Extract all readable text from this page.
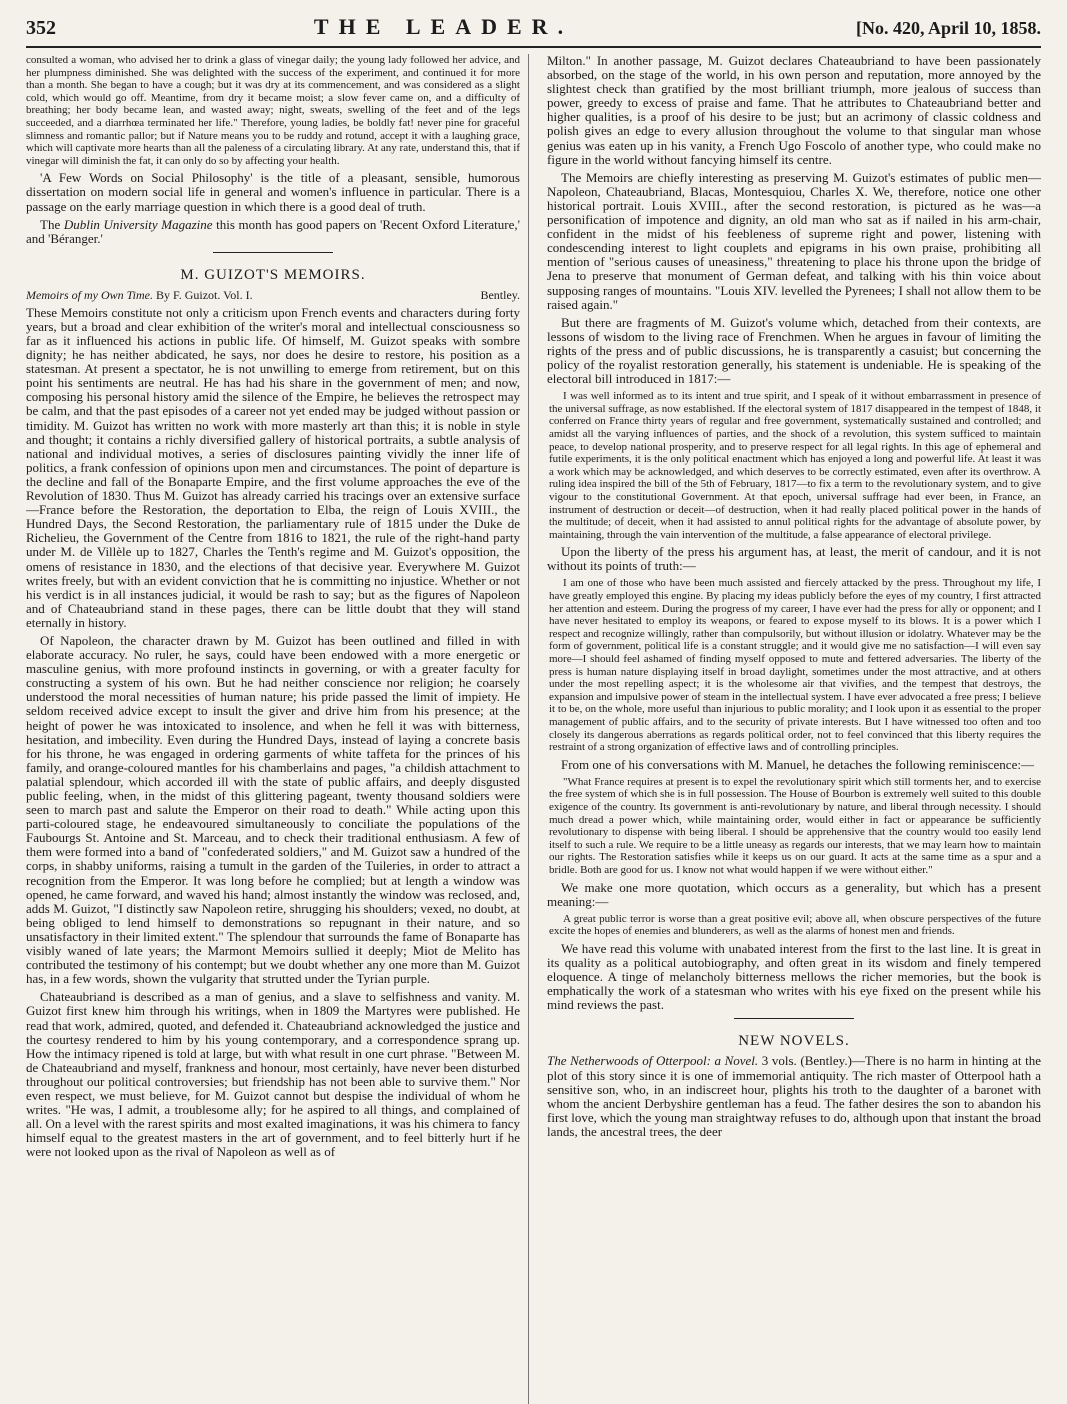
352	THE LEADER.	[No. 420, April 10, 1858.

consulted a woman, who advised her to drink a glass of vinegar daily; the young lady followed her advice, and her plumpness diminished. She was delighted with the success of the experiment, and continued it for more than a month. She began to have a cough; but it was dry at its commencement, and was considered as a slight cold, which would go off. Meantime, from dry it became moist; a slow fever came on, and a difficulty of breathing; her body became lean, and wasted away; night, sweats, swelling of the feet and of the legs succeeded, and a diarrhœa terminated her life." Therefore, young ladies, be boldly fat! never pine for graceful slimness and romantic pallor; but if Nature means you to be ruddy and rotund, accept it with a laughing grace, which will captivate more hearts than all the paleness of a circulating library. At any rate, understand this, that if vinegar will diminish the fat, it can only do so by affecting your health.

'A Few Words on Social Philosophy' is the title of a pleasant, sensible, humorous dissertation on modern social life in general and women's influence in particular. There is a passage on the early marriage question in which there is a good deal of truth.

The Dublin University Magazine this month has good papers on 'Recent Oxford Literature,' and 'Béranger.'

M. GUIZOT'S MEMOIRS.
Memoirs of my Own Time. By F. Guizot. Vol. I.	Bentley.

These Memoirs constitute not only a criticism upon French events and characters during forty years, but a broad and clear exhibition of the writer's moral and intellectual consciousness so far as it influenced his actions in public life. Of himself, M. Guizot speaks with sombre dignity; he has neither abdicated, he says, nor does he desire to restore, his position as a statesman. At present a spectator, he is not unwilling to emerge from retirement, but on this point his sentiments are neutral. He has had his share in the government of men; and now, composing his personal history amid the silence of the Empire, he believes the retrospect may be calm, and that the past episodes of a career not yet ended may be judged without passion or timidity. M. Guizot has written no work with more masterly art than this; it is noble in style and thought; it contains a richly diversified gallery of historical portraits, a subtle analysis of national and individual motives, a series of disclosures painting vividly the inner life of politics, a frank confession of opinions upon men and circumstances. The point of departure is the decline and fall of the Bonaparte Empire, and the first volume approaches the eve of the Revolution of 1830. Thus M. Guizot has already carried his tracings over an extensive surface—France before the Restoration, the deportation to Elba, the reign of Louis XVIII., the Hundred Days, the Second Restoration, the parliamentary rule of 1815 under the Duke de Richelieu, the Government of the Centre from 1816 to 1821, the rule of the right-hand party under M. de Villèle up to 1827, Charles the Tenth's regime and M. Guizot's opposition, the omens of resistance in 1830, and the elections of that decisive year. Everywhere M. Guizot writes freely, but with an evident conviction that he is committing no injustice. Whether or not his verdict is in all instances judicial, it would be rash to say; but as the figures of Napoleon and of Chateaubriand stand in these pages, there can be little doubt that they will stand eternally in history.

Of Napoleon, the character drawn by M. Guizot has been outlined and filled in with elaborate accuracy. No ruler, he says, could have been endowed with a more energetic or masculine genius, with more profound instincts in governing, or with a greater faculty for constructing a system of his own. But he had neither conscience nor religion; he coarsely understood the moral necessities of human nature; his pride passed the limit of impiety. He seldom received advice except to insult the giver and drive him from his presence; at the height of power he was intoxicated to insolence, and when he fell it was with bitterness, hesitation, and imbecility. Even during the Hundred Days, instead of laying a concrete basis for his throne, he was engaged in ordering garments of white taffeta for the princes of his family, and orange-coloured mantles for his chamberlains and pages, "a childish attachment to palatial splendour, which accorded ill with the state of public affairs, and deeply disgusted public feeling, when, in the midst of this glittering pageant, twenty thousand soldiers were seen to march past and salute the Emperor on their road to death." While acting upon this parti-coloured stage, he endeavoured simultaneously to conciliate the populations of the Faubourgs St. Antoine and St. Marceau, and to check their traditional enthusiasm. A few of them were formed into a band of "confederated soldiers," and M. Guizot saw a hundred of the corps, in shabby uniforms, raising a tumult in the garden of the Tuileries, in order to attract a recognition from the Emperor. It was long before he complied; but at length a window was opened, he came forward, and waved his hand; almost instantly the window was reclosed, and, adds M. Guizot, "I distinctly saw Napoleon retire, shrugging his shoulders; vexed, no doubt, at being obliged to lend himself to demonstrations so repugnant in their nature, and so unsatisfactory in their limited extent." The splendour that surrounds the fame of Bonaparte has visibly waned of late years; the Marmont Memoirs sullied it deeply; Miot de Melito has contributed the testimony of his contempt; but we doubt whether any one more than M. Guizot has, in a few words, shown the vulgarity that strutted under the Tyrian purple.

Chateaubriand is described as a man of genius, and a slave to selfishness and vanity. M. Guizot first knew him through his writings, when in 1809 the Martyres were published. He read that work, admired, quoted, and defended it. Chateaubriand acknowledged the justice and the courtesy rendered to him by his young contemporary, and a correspondence sprang up. How the intimacy ripened is told at large, but with what result in one curt phrase. "Between M. de Chateaubriand and myself, frankness and honour, most certainly, have never been disturbed throughout our political controversies; but friendship has not been able to survive them." Nor even respect, we must believe, for M. Guizot cannot but despise the individual of whom he writes. "He was, I admit, a troublesome ally; for he aspired to all things, and complained of all. On a level with the rarest spirits and most exalted imaginations, it was his chimera to fancy himself equal to the greatest masters in the art of government, and to feel bitterly hurt if he were not looked upon as the rival of Napoleon as well as of

Milton." In another passage, M. Guizot declares Chateaubriand to have been passionately absorbed, on the stage of the world, in his own person and reputation, more annoyed by the slightest check than gratified by the most brilliant triumph, more jealous of success than power, greedy to excess of praise and fame. That he attributes to Chateaubriand better and higher qualities, is a proof of his desire to be just; but an acrimony of classic coldness and polish gives an edge to every allusion throughout the volume to that singular man whose genius was eaten up in his vanity, a French Ugo Foscolo of another type, who could make no figure in the world without fancying himself its centre.

The Memoirs are chiefly interesting as preserving M. Guizot's estimates of public men—Napoleon, Chateaubriand, Blacas, Montesquiou, Charles X. We, therefore, notice one other historical portrait. Louis XVIII., after the second restoration, is pictured as he was—a personification of impotence and dignity, an old man who sat as if nailed in his arm-chair, confident in the midst of his feebleness of supreme right and power, listening with condescending interest to light couplets and epigrams in his own praise, prohibiting all mention of "serious causes of uneasiness," threatening to place his throne upon the bridge of Jena to preserve that monument of German defeat, and talking with his thin voice about supposing ranges of mountains. "Louis XIV. levelled the Pyrenees; I shall not allow them to be raised again."

But there are fragments of M. Guizot's volume which, detached from their contexts, are lessons of wisdom to the living race of Frenchmen. When he argues in favour of limiting the rights of the press and of public discussions, he is transparently a casuist; but concerning the policy of the royalist restoration generally, his statement is undeniable. He is speaking of the electoral bill introduced in 1817:—

I was well informed as to its intent and true spirit, and I speak of it without embarrassment in presence of the universal suffrage, as now established. If the electoral system of 1817 disappeared in the tempest of 1848, it conferred on France thirty years of regular and free government, systematically sustained and controlled; and amidst all the varying influences of parties, and the shock of a revolution, this system sufficed to maintain peace, to develop national prosperity, and to preserve respect for all legal rights. In this age of ephemeral and futile experiments, it is the only political enactment which has enjoyed a long and powerful life. At least it was a work which may be acknowledged, and which deserves to be correctly estimated, even after its overthrow. A ruling idea inspired the bill of the 5th of February, 1817—to fix a term to the revolutionary system, and to give vigour to the constitutional Government. At that epoch, universal suffrage had ever been, in France, an instrument of destruction or deceit—of destruction, when it had really placed political power in the hands of the multitude; of deceit, when it had assisted to annul political rights for the advantage of absolute power, by maintaining, through the vain intervention of the multitude, a false appearance of electoral privilege.

Upon the liberty of the press his argument has, at least, the merit of candour, and it is not without its points of truth:—

I am one of those who have been much assisted and fiercely attacked by the press. Throughout my life, I have greatly employed this engine. By placing my ideas publicly before the eyes of my country, I first attracted her attention and esteem. During the progress of my career, I have ever had the press for ally or opponent; and I have never hesitated to employ its weapons, or feared to expose myself to its blows. It is a power which I respect and recognize willingly, rather than compulsorily, but without illusion or idolatry. Whatever may be the form of government, political life is a constant struggle; and it would give me no satisfaction—I will even say more—I should feel ashamed of finding myself opposed to mute and fettered adversaries. The liberty of the press is human nature displaying itself in broad daylight, sometimes under the most attractive, and at others under the most repelling aspect; it is the wholesome air that vivifies, and the tempest that destroys, the expansion and impulsive power of steam in the intellectual system. I have ever advocated a free press; I believe it to be, on the whole, more useful than injurious to public morality; and I look upon it as essential to the proper management of public affairs, and to the security of private interests. But I have witnessed too often and too closely its dangerous aberrations as regards political order, not to feel convinced that this liberty requires the restraint of a strong organization of effective laws and of controlling principles.

From one of his conversations with M. Manuel, he detaches the following reminiscence:—

"What France requires at present is to expel the revolutionary spirit which still torments her, and to exercise the free system of which she is in full possession. The House of Bourbon is extremely well suited to this double exigence of the country. Its government is anti-revolutionary by nature, and liberal through necessity. I should much dread a power which, while maintaining order, would either in fact or appearance be sufficiently revolutionary to dispense with being liberal. I should be apprehensive that the country would too easily lend itself to such a rule. We require to be a little uneasy as regards our interests, that we may learn how to maintain our rights. The Restoration satisfies while it keeps us on our guard. It acts at the same time as a spur and a bridle. Both are good for us. I know not what would happen if we were without either."

We make one more quotation, which occurs as a generality, but which has a present meaning:—

A great public terror is worse than a great positive evil; above all, when obscure perspectives of the future excite the hopes of enemies and blunderers, as well as the alarms of honest men and friends.

We have read this volume with unabated interest from the first to the last line. It is great in its quality as a political autobiography, and often great in its wisdom and finely tempered eloquence. A tinge of melancholy bitterness mellows the richer memories, but the book is emphatically the work of a statesman who writes with his eye fixed on the present while his mind reviews the past.

NEW NOVELS.

The Netherwoods of Otterpool: a Novel. 3 vols. (Bentley.)—There is no harm in hinting at the plot of this story since it is one of immemorial antiquity. The rich master of Otterpool hath a sensitive son, who, in an indiscreet hour, plights his troth to the daughter of a baronet with whom the ancient Derbyshire gentleman has a feud. The father desires the son to abandon his first love, which the young man straightway refuses to do, although upon that instant the broad lands, the ancestral trees, the deer
